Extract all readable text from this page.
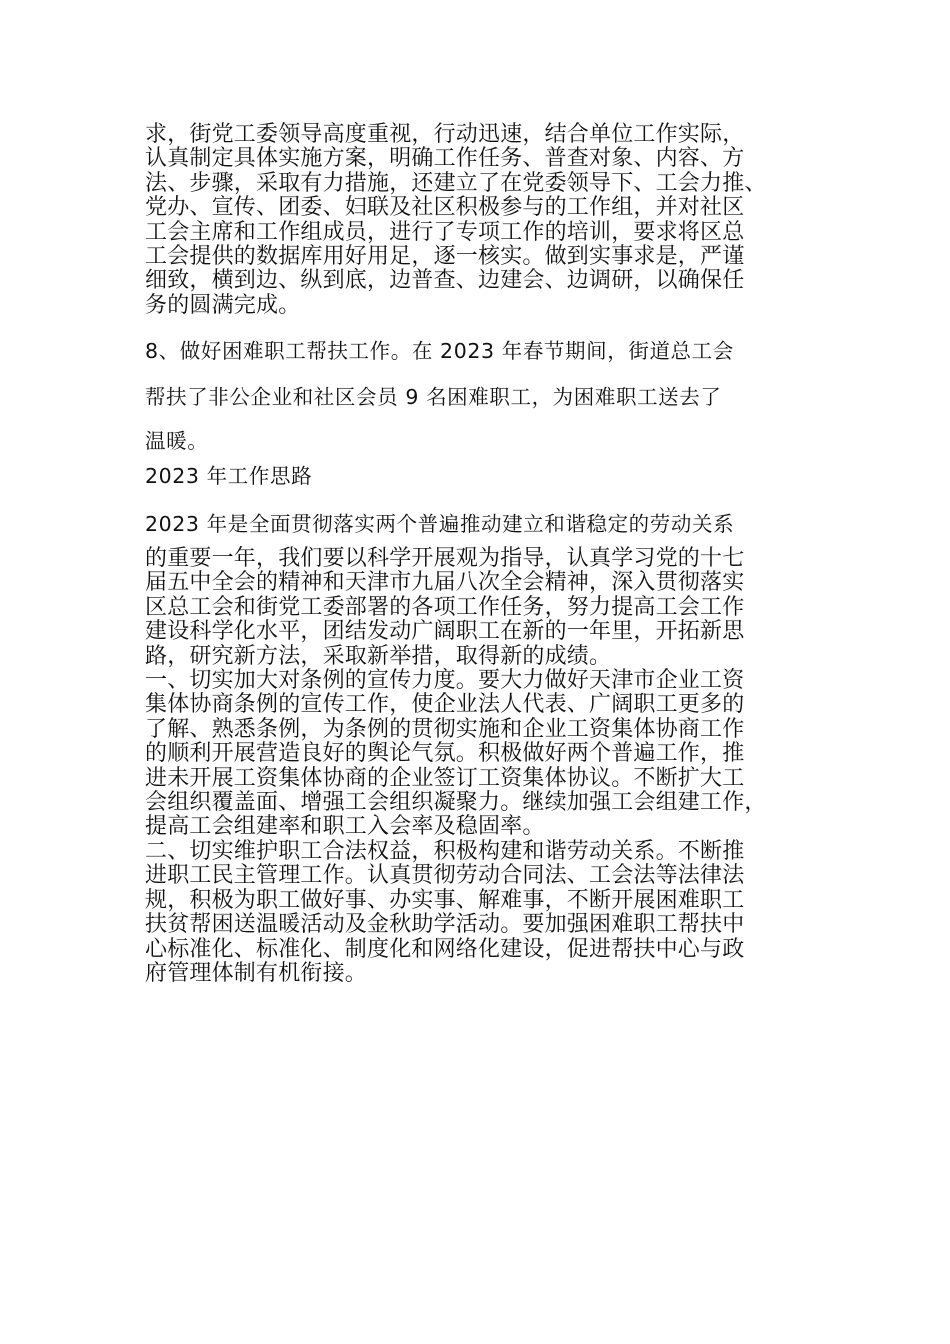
求，街党工委领导高度重视，行动迅速，结合单位工作实际，
认真制定具体实施方案，明确工作任务、普查对象、内容、方
法、步骤，采取有力措施，还建立了在党委领导下、工会力推、
党办、宣传、团委、妇联及社区积极参与的工作组，并对社区
工会主席和工作组成员，进行了专项工作的培训，要求将区总
工会提供的数据库用好用足，逐一核实。做到实事求是，严谨
细致，横到边、纵到底，边普查、边建会、边调研，以确保任
务的圆满完成。

8、做好困难职工帮扶工作。在 2023 年春节期间，街道总工会

帮扶了非公企业和社区会员 9 名困难职工，为困难职工送去了
温暖。

2023 年工作思路

2023 年是全面贯彻落实两个普遍推动建立和谐稳定的劳动关系

的重要一年，我们要以科学开展观为指导，认真学习党的十七
届五中全会的精神和天津市九届八次全会精神，深入贯彻落实
区总工会和街党工委部署的各项工作任务，努力提高工会工作
建设科学化水平，团结发动广阔职工在新的一年里，开拓新思
路，研究新方法，采取新举措，取得新的成绩。
一、切实加大对条例的宣传力度。要大力做好天津市企业工资
集体协商条例的宣传工作，使企业法人代表、广阔职工更多的
了解、熟悉条例，为条例的贯彻实施和企业工资集体协商工作
的顺利开展营造良好的舆论气氛。积极做好两个普遍工作，推
进未开展工资集体协商的企业签订工资集体协议。不断扩大工
会组织覆盖面、增强工会组织凝聚力。继续加强工会组建工作，
提高工会组建率和职工入会率及稳固率。
二、切实维护职工合法权益，积极构建和谐劳动关系。不断推
进职工民主管理工作。认真贯彻劳动合同法、工会法等法律法
规，积极为职工做好事、办实事、解难事，不断开展困难职工
扶贫帮困送温暖活动及金秋助学活动。要加强困难职工帮扶中
心标准化、标准化、制度化和网络化建设，促进帮扶中心与政
府管理体制有机衔接。
